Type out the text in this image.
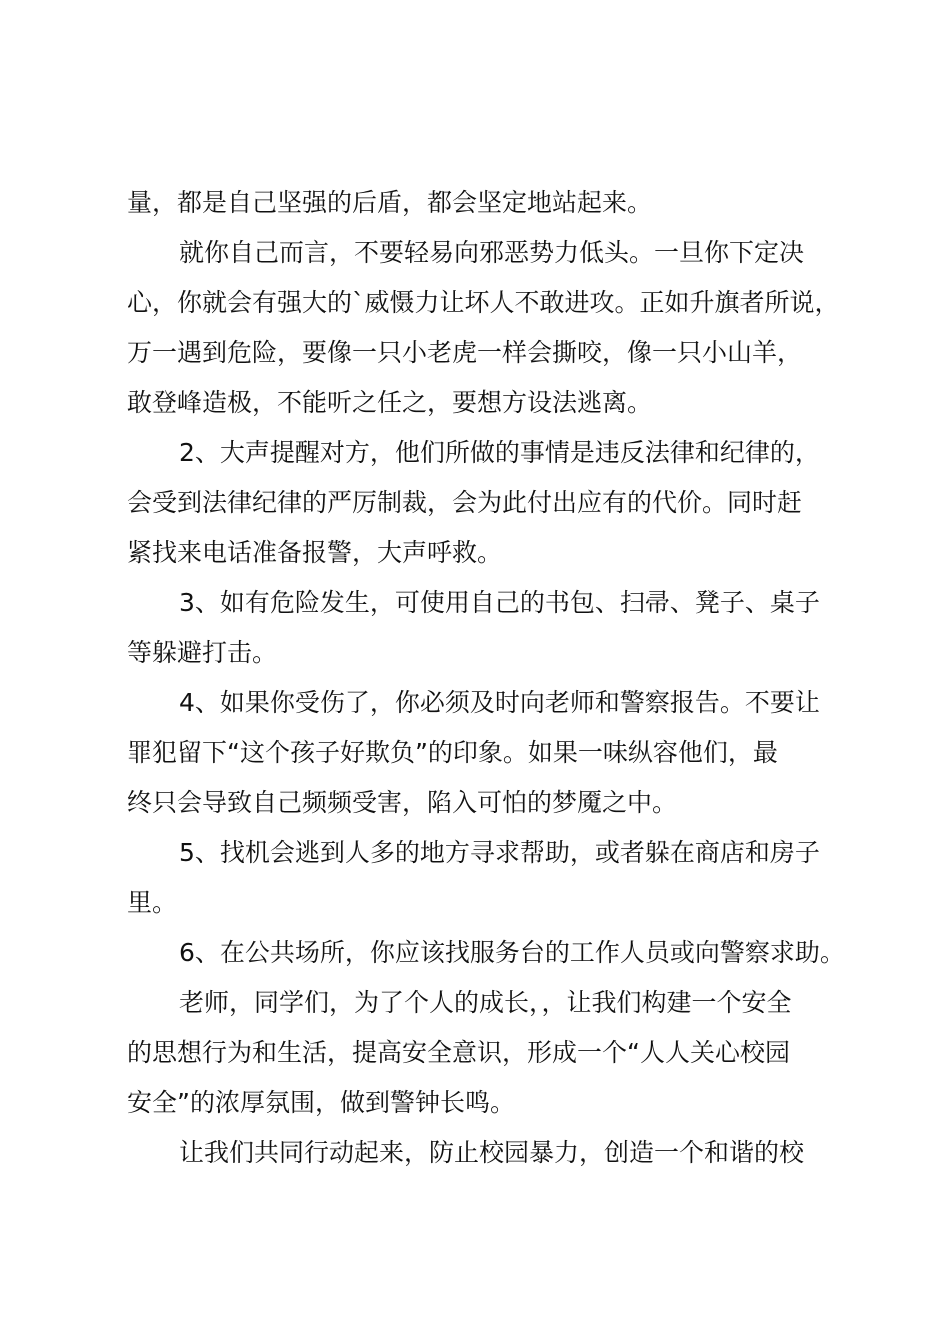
量，都是自己坚强的后盾，都会坚定地站起来。
就你自己而言，不要轻易向邪恶势力低头。一旦你下定决
心，你就会有强大的`威慑力让坏人不敢进攻。正如升旗者所说，
万一遇到危险，要像一只小老虎一样会撕咬，像一只小山羊，
敢登峰造极，不能听之任之，要想方设法逃离。
2、大声提醒对方，他们所做的事情是违反法律和纪律的，
会受到法律纪律的严厉制裁，会为此付出应有的代价。同时赶
紧找来电话准备报警，大声呼救。
3、如有危险发生，可使用自己的书包、扫帚、凳子、桌子
等躲避打击。
4、如果你受伤了，你必须及时向老师和警察报告。不要让
罪犯留下“这个孩子好欺负”的印象。如果一味纵容他们，最
终只会导致自己频频受害，陷入可怕的梦魇之中。
5、找机会逃到人多的地方寻求帮助，或者躲在商店和房子
里。
6、在公共场所，你应该找服务台的工作人员或向警察求助。
老师，同学们，为了个人的成长，，让我们构建一个安全
的思想行为和生活，提高安全意识，形成一个“人人关心校园
安全”的浓厚氛围，做到警钟长鸣。
让我们共同行动起来，防止校园暴力，创造一个和谐的校
